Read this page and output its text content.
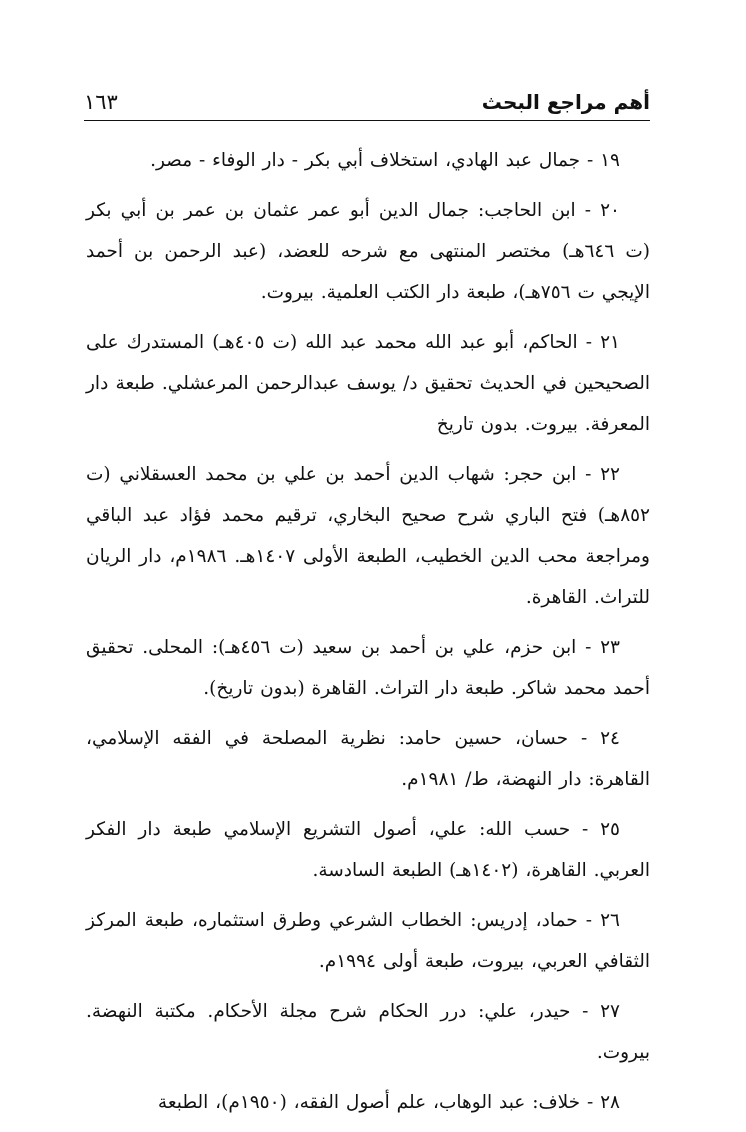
أهم مراجع البحث
١٦٣
١٩ - جمال عبد الهادي، استخلاف أبي بكر - دار الوفاء - مصر.
٢٠ - ابن الحاجب: جمال الدين أبو عمر عثمان بن عمر بن أبي بكر (ت ٦٤٦هـ) مختصر المنتهى مع شرحه للعضد، (عبد الرحمن بن أحمد الإيجي ت ٧٥٦هـ)، طبعة دار الكتب العلمية. بيروت.
٢١ - الحاكم، أبو عبد الله محمد عبد الله (ت ٤٠٥هـ) المستدرك على الصحيحين في الحديث تحقيق د/ يوسف عبدالرحمن المرعشلي. طبعة دار المعرفة. بيروت. بدون تاريخ
٢٢ - ابن حجر: شهاب الدين أحمد بن علي بن محمد العسقلاني (ت ٨٥٢هـ) فتح الباري شرح صحيح البخاري، ترقيم محمد فؤاد عبد الباقي ومراجعة محب الدين الخطيب، الطبعة الأولى ١٤٠٧هـ. ١٩٨٦م، دار الريان للتراث. القاهرة.
٢٣ - ابن حزم، علي بن أحمد بن سعيد (ت ٤٥٦هـ): المحلى. تحقيق أحمد محمد شاكر. طبعة دار التراث. القاهرة (بدون تاريخ).
٢٤ - حسان، حسين حامد: نظرية المصلحة في الفقه الإسلامي، القاهرة: دار النهضة، ط/ ١٩٨١م.
٢٥ - حسب الله: علي، أصول التشريع الإسلامي طبعة دار الفكر العربي. القاهرة، (١٤٠٢هـ) الطبعة السادسة.
٢٦ - حماد، إدريس: الخطاب الشرعي وطرق استثماره، طبعة المركز الثقافي العربي، بيروت، طبعة أولى ١٩٩٤م.
٢٧ - حيدر، علي: درر الحكام شرح مجلة الأحكام. مكتبة النهضة. بيروت.
٢٨ - خلاف: عبد الوهاب، علم أصول الفقه، (١٩٥٠م)، الطبعة
